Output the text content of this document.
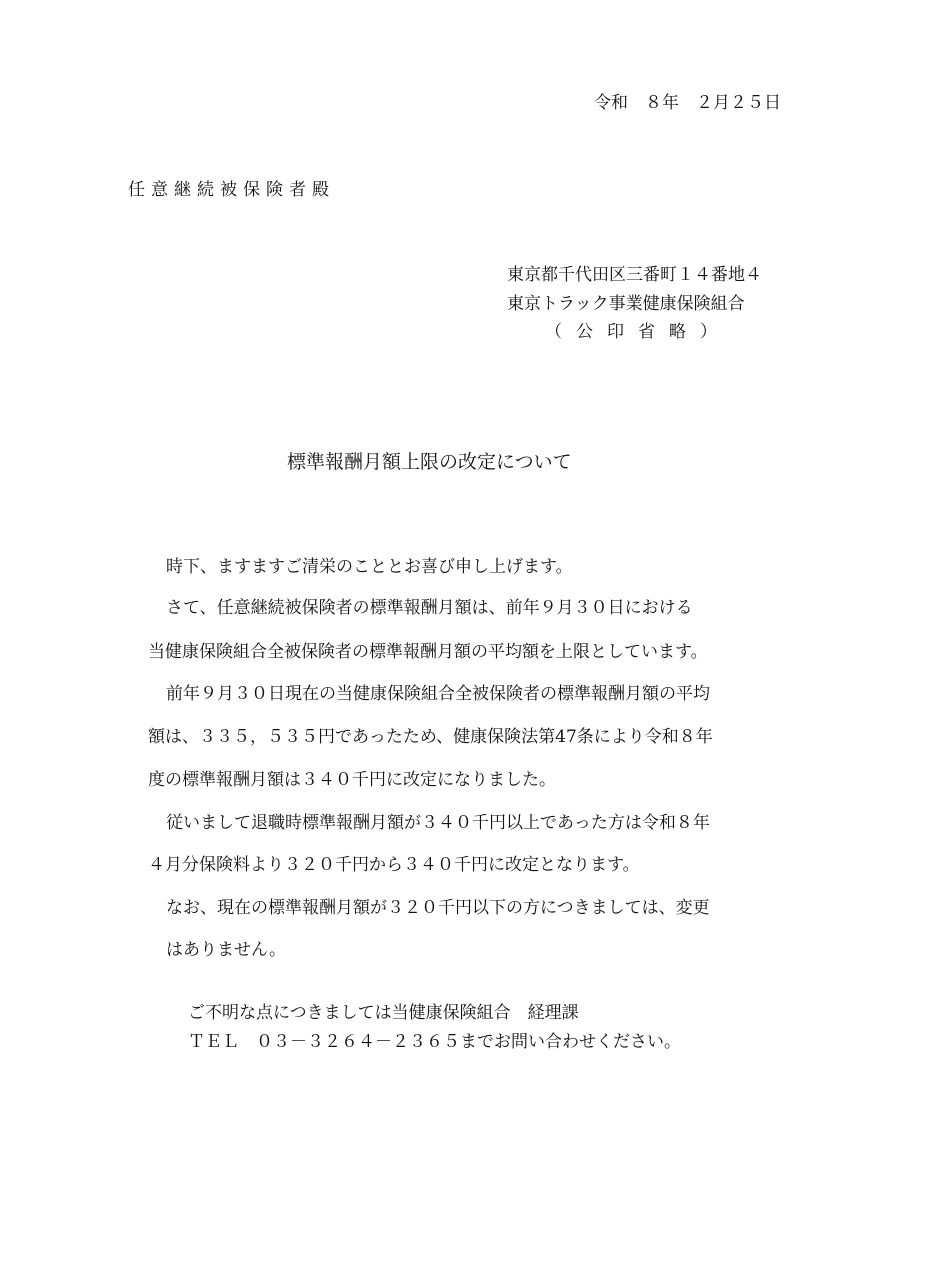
令和　８年　２月２５日

任意継続被保険者殿

東京都千代田区三番町１４番地４

東京トラック事業健康保険組合

（公印省略）

標準報酬月額上限の改定について

時下、ますますご清栄のこととお喜び申し上げます。

さて、任意継続被保険者の標準報酬月額は、前年９月３０日における

当健康保険組合全被保険者の標準報酬月額の平均額を上限としています。

前年９月３０日現在の当健康保険組合全被保険者の標準報酬月額の平均

額は、３３５，５３５円であったため、健康保険法第47条により令和８年

度の標準報酬月額は３４０千円に改定になりました。

従いまして退職時標準報酬月額が３４０千円以上であった方は令和８年

４月分保険料より３２０千円から３４０千円に改定となります。

なお、現在の標準報酬月額が３２０千円以下の方につきましては、変更

はありません。

ご不明な点につきましては当健康保険組合　経理課

ＴＥＬ　０３－３２６４－２３６５までお問い合わせください。
